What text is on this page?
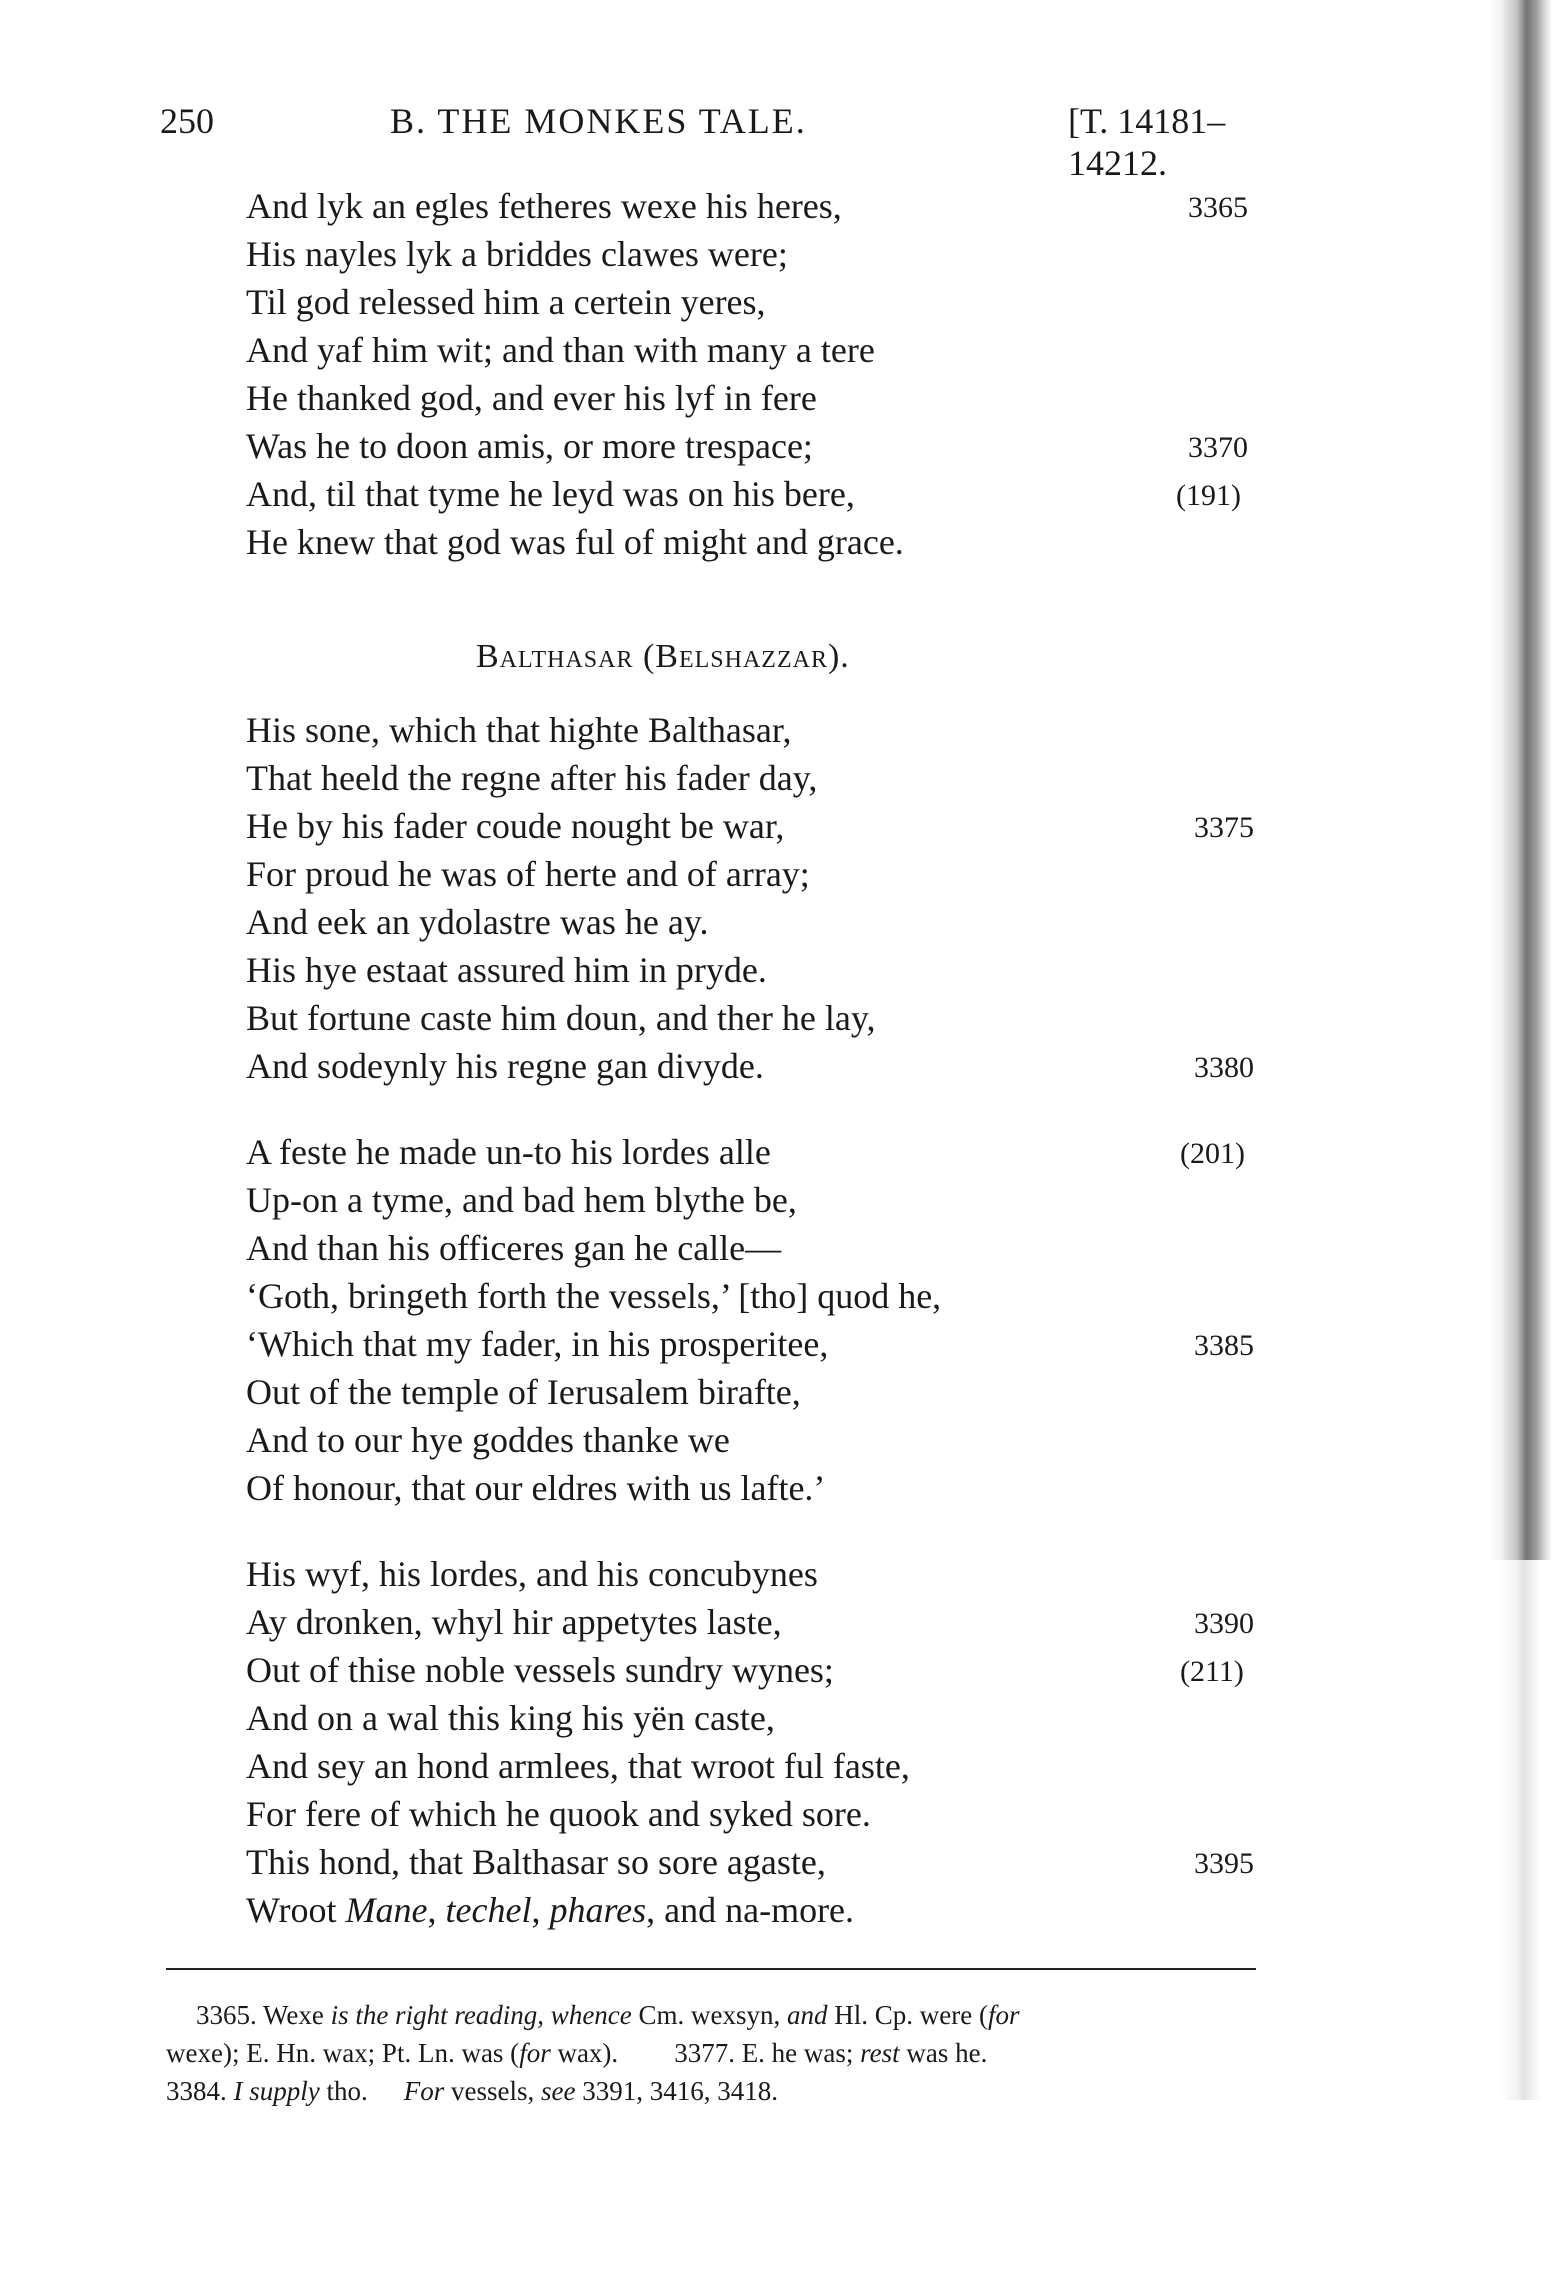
250	B. THE MONKES TALE.	[T. 14181–14212.
And lyk an egles fetheres wexe his heres,
His nayles lyk a briddes clawes were;
Til god relessed him a certein yeres,
And yaf him wit; and than with many a tere
He thanked god, and ever his lyf in fere
Was he to doon amis, or more trespace;
And, til that tyme he leyd was on his bere,
He knew that god was ful of might and grace.
3365
3370
(191)
Balthasar (Belshazzar).
His sone, which that highte Balthasar,
That heeld the regne after his fader day,
He by his fader coude nought be war,
For proud he was of herte and of array;
And eek an ydolastre was he ay.
His hye estaat assured him in pryde.
But fortune caste him doun, and ther he lay,
And sodeynly his regne gan divyde.
3375
3380
A feste he made un-to his lordes alle
Up-on a tyme, and bad hem blythe be,
And than his officeres gan he calle—
‘Goth, bringeth forth the vessels,’ [tho] quod he,
‘Which that my fader, in his prosperitee,
Out of the temple of Ierusalem birafte,
And to our hye goddes thanke we
Of honour, that our eldres with us lafte.’
(201)
3385
His wyf, his lordes, and his concubynes
Ay dronken, whyl hir appetytes laste,
Out of thise noble vessels sundry wynes;
And on a wal this king his yën caste,
And sey an hond armlees, that wroot ful faste,
For fere of which he quook and syked sore.
This hond, that Balthasar so sore agaste,
Wroot Mane, techel, phares, and na-more.
3390
(211)
3395
3365. Wexe is the right reading, whence Cm. wexsyn, and Hl. Cp. were (for
wexe); E. Hn. wax; Pt. Ln. was (for wax). 3377. E. he was; rest was he.
3384. I supply tho. For vessels, see 3391, 3416, 3418.
